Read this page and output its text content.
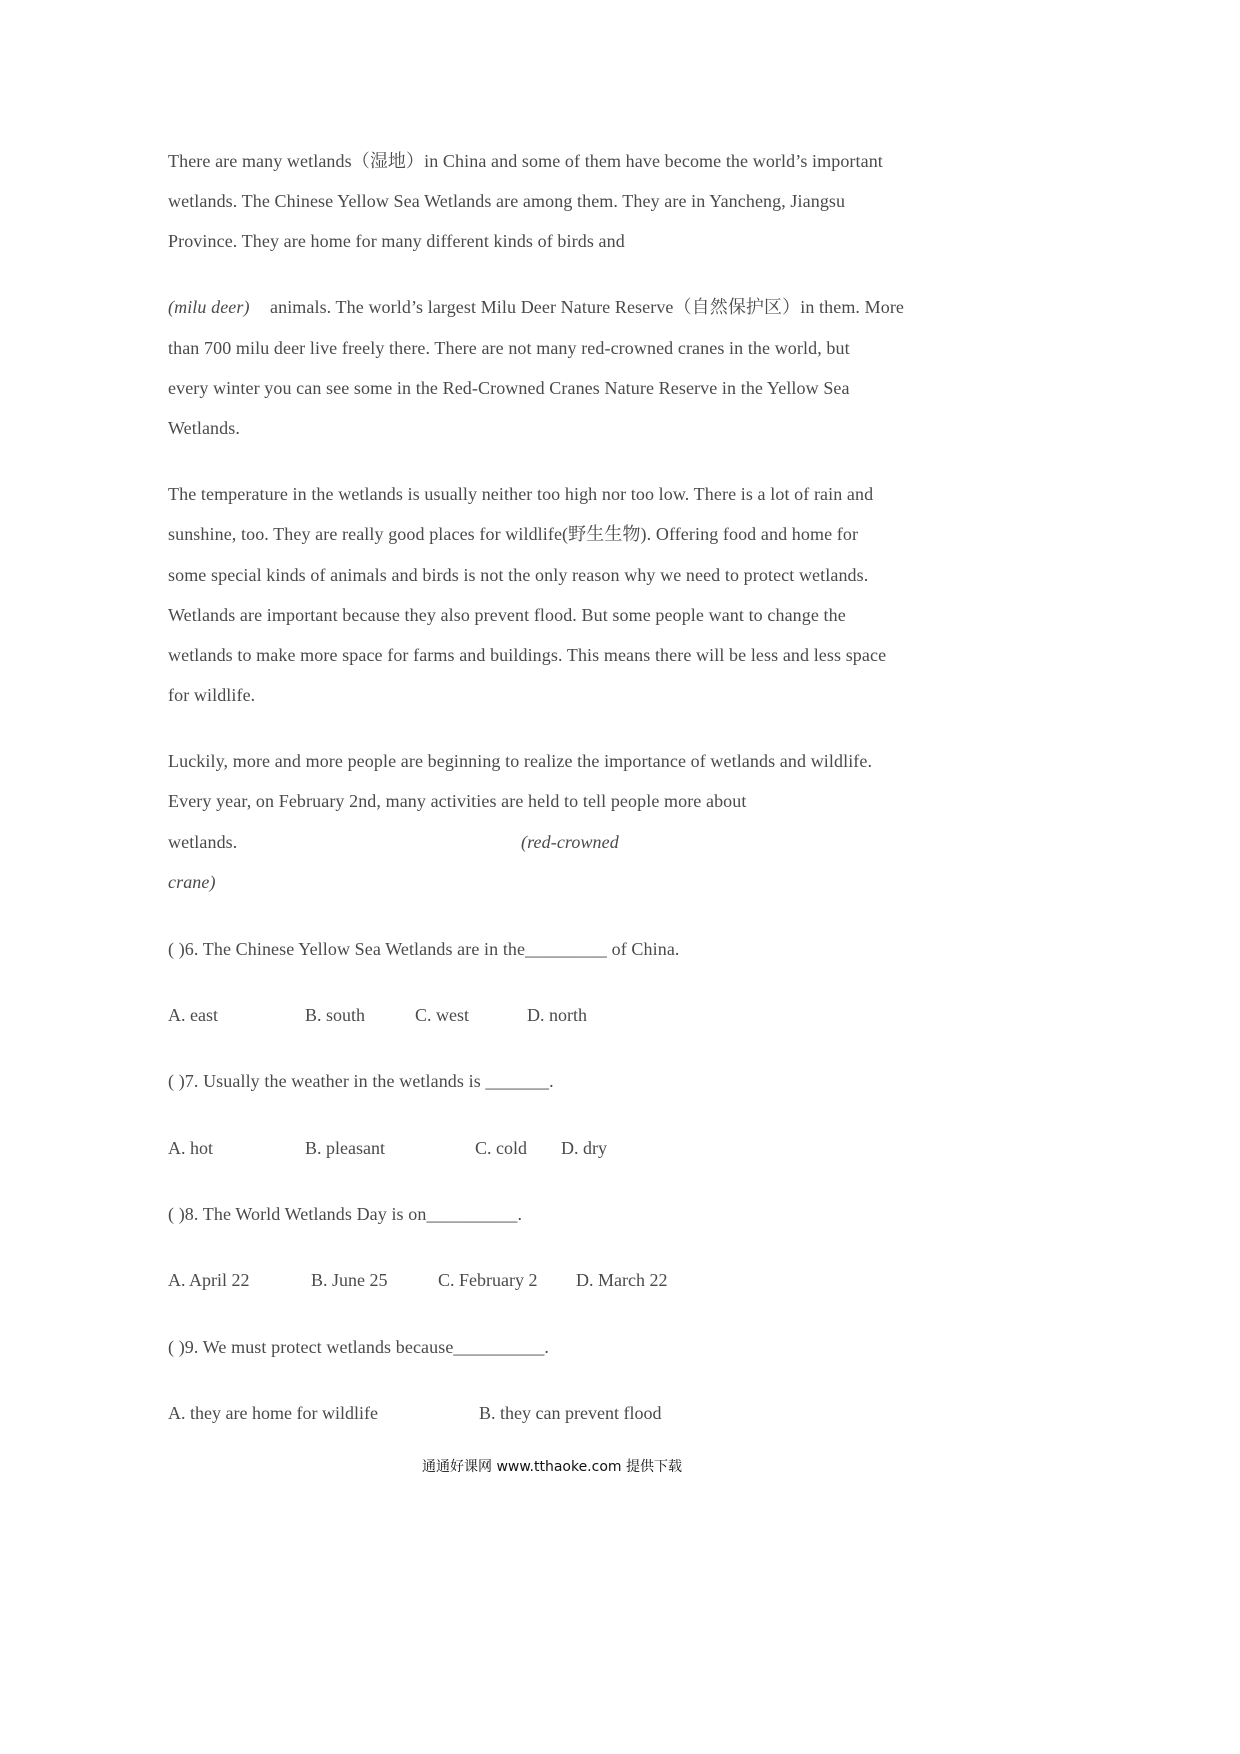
There are many wetlands（湿地）in China and some of them have become the world’s important
wetlands. The Chinese Yellow Sea Wetlands are among them. They are in Yancheng, Jiangsu
Province. They are home for many different kinds of birds and
(milu deer) animals. The world’s largest Milu Deer Nature Reserve（自然保护区）in them. More
than 700 milu deer live freely there. There are not many red-crowned cranes in the world, but
every winter you can see some in the Red-Crowned Cranes Nature Reserve in the Yellow Sea
Wetlands.
The temperature in the wetlands is usually neither too high nor too low. There is a lot of rain and
sunshine, too. They are really good places for wildlife(野生生物). Offering food and home for
some special kinds of animals and birds is not the only reason why we need to protect wetlands.
Wetlands are important because they also prevent flood. But some people want to change the
wetlands to make more space for farms and buildings. This means there will be less and less space
for wildlife.
Luckily, more and more people are beginning to realize the importance of wetlands and wildlife.
Every year, on February 2nd, many activities are held to tell people more about
wetlands.	(red-crowned
crane)
( )6. The Chinese Yellow Sea Wetlands are in the_________ of China.
A. east	B. south	C. west	D. north
( )7. Usually the weather in the wetlands is _______.
A. hot	B. pleasant	C. cold D. dry
( )8. The World Wetlands Day is on__________.
A. April 22	B. June 25	C. February 2 D. March 22
( )9. We must protect wetlands because__________.
A. they are home for wildlife	B. they can prevent flood
通通好课网 www.tthaoke.com 提供下载
